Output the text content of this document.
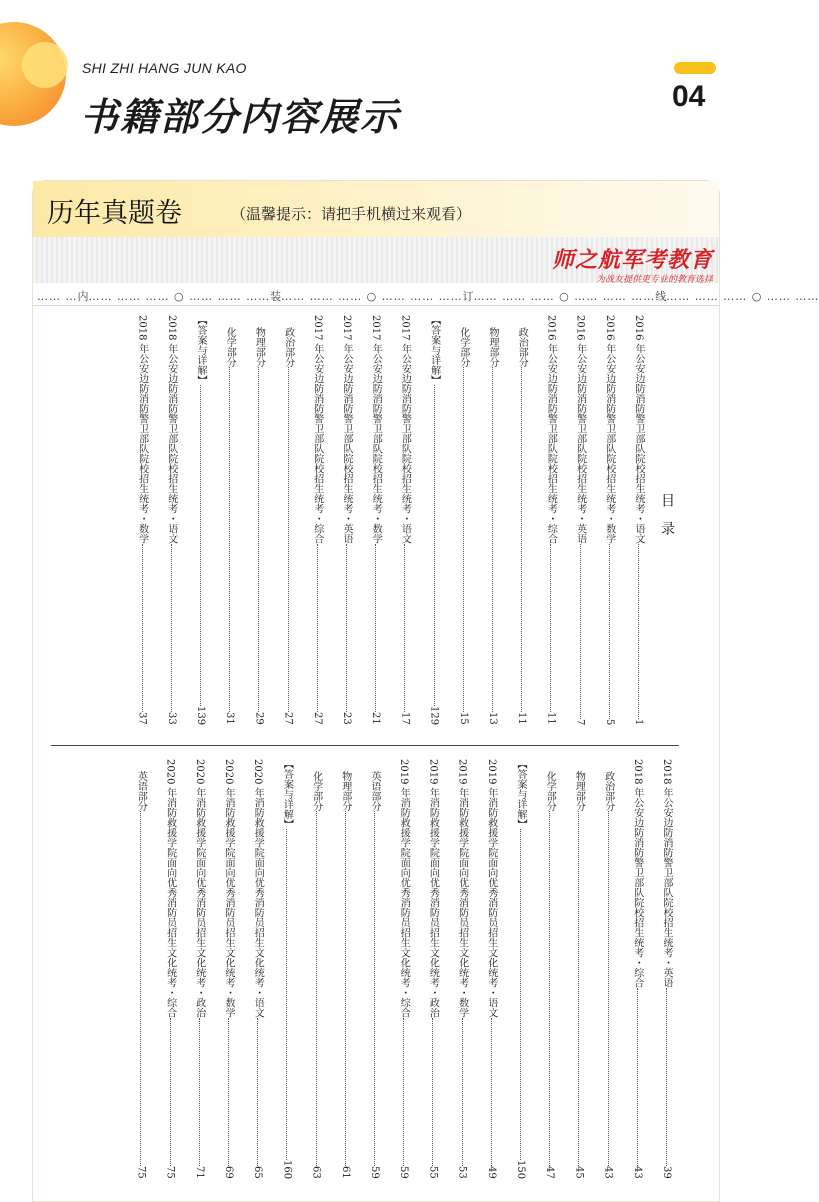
SHI ZHI HANG JUN KAO
书籍部分内容展示	04
历年真题卷	（温馨提示：请把手机横过来观看）
师之航军考教育
为战友提供更专业的教育选择
…… … 内 …… …… …… ○ …… …… …… 装 …… …… …… ○ …… …… …… 订 …… …… …… ○ …… …… …… 线 …… …… …… ○ …… ……
目录
2016 年公安边防消防警卫部队院校招生统考・语文
1
2016 年公安边防消防警卫部队院校招生统考・数学
5
2016 年公安边防消防警卫部队院校招生统考・英语
7
2016 年公安边防消防警卫部队院校招生统考・综合
11
政治部分
11
物理部分
13
化学部分
15
【答案与详解】
129
2017 年公安边防消防警卫部队院校招生统考・语文
17
2017 年公安边防消防警卫部队院校招生统考・数学
21
2017 年公安边防消防警卫部队院校招生统考・英语
23
2017 年公安边防消防警卫部队院校招生统考・综合
27
政治部分
27
物理部分
29
化学部分
31
【答案与详解】
139
2018 年公安边防消防警卫部队院校招生统考・语文
33
2018 年公安边防消防警卫部队院校招生统考・数学
37
2018 年公安边防消防警卫部队院校招生统考・英语
39
2018 年公安边防消防警卫部队院校招生统考・综合
43
政治部分
43
物理部分
45
化学部分
47
【答案与详解】
150
2019 年消防救援学院面向优秀消防员招生文化统考・语文
49
2019 年消防救援学院面向优秀消防员招生文化统考・数学
53
2019 年消防救援学院面向优秀消防员招生文化统考・政治
55
2019 年消防救援学院面向优秀消防员招生文化统考・综合
59
英语部分
59
物理部分
61
化学部分
63
【答案与详解】
160
2020 年消防救援学院面向优秀消防员招生文化统考・语文
65
2020 年消防救援学院面向优秀消防员招生文化统考・数学
69
2020 年消防救援学院面向优秀消防员招生文化统考・政治
71
2020 年消防救援学院面向优秀消防员招生文化统考・综合
75
英语部分
75
